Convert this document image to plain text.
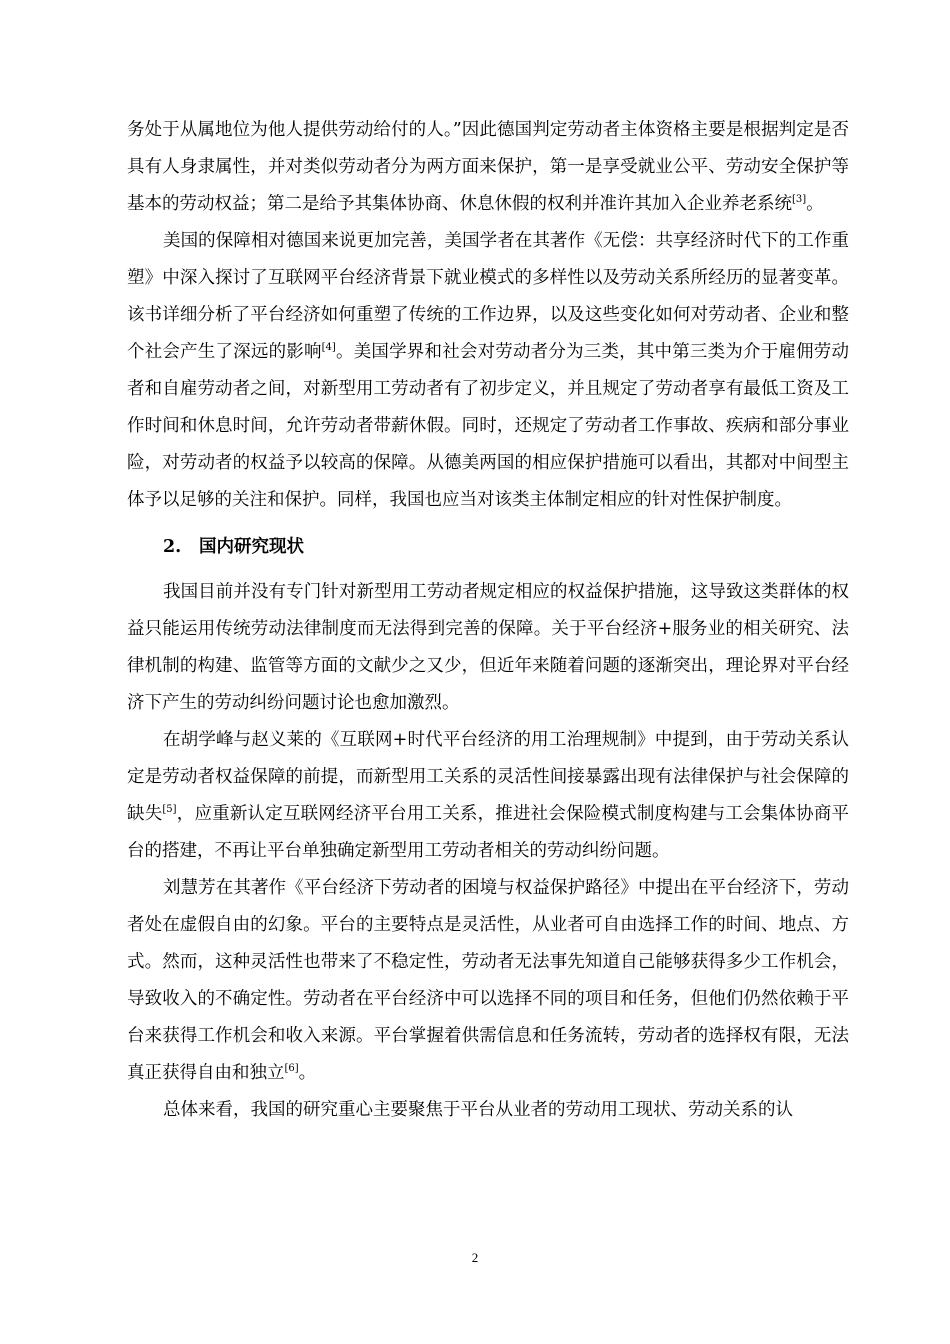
务处于从属地位为他人提供劳动给付的人。”因此德国判定劳动者主体资格主要是根据判定是否具有人身隶属性，并对类似劳动者分为两方面来保护，第一是享受就业公平、劳动安全保护等基本的劳动权益；第二是给予其集体协商、休息休假的权利并准许其加入企业养老系统[3]。

美国的保障相对德国来说更加完善，美国学者在其著作《无偿：共享经济时代下的工作重塑》中深入探讨了互联网平台经济背景下就业模式的多样性以及劳动关系所经历的显著变革。该书详细分析了平台经济如何重塑了传统的工作边界，以及这些变化如何对劳动者、企业和整个社会产生了深远的影响[4]。美国学界和社会对劳动者分为三类，其中第三类为介于雇佣劳动者和自雇劳动者之间，对新型用工劳动者有了初步定义，并且规定了劳动者享有最低工资及工作时间和休息时间，允许劳动者带薪休假。同时，还规定了劳动者工作事故、疾病和部分事业险，对劳动者的权益予以较高的保障。从德美两国的相应保护措施可以看出，其都对中间型主体予以足够的关注和保护。同样，我国也应当对该类主体制定相应的针对性保护制度。

2. 国内研究现状

我国目前并没有专门针对新型用工劳动者规定相应的权益保护措施，这导致这类群体的权益只能运用传统劳动法律制度而无法得到完善的保障。关于平台经济+服务业的相关研究、法律机制的构建、监管等方面的文献少之又少，但近年来随着问题的逐渐突出，理论界对平台经济下产生的劳动纠纷问题讨论也愈加激烈。

在胡学峰与赵义莱的《互联网+时代平台经济的用工治理规制》中提到，由于劳动关系认定是劳动者权益保障的前提，而新型用工关系的灵活性间接暴露出现有法律保护与社会保障的缺失[5]，应重新认定互联网经济平台用工关系，推进社会保险模式制度构建与工会集体协商平台的搭建，不再让平台单独确定新型用工劳动者相关的劳动纠纷问题。

刘慧芳在其著作《平台经济下劳动者的困境与权益保护路径》中提出在平台经济下，劳动者处在虚假自由的幻象。平台的主要特点是灵活性，从业者可自由选择工作的时间、地点、方式。然而，这种灵活性也带来了不稳定性，劳动者无法事先知道自己能够获得多少工作机会，导致收入的不确定性。劳动者在平台经济中可以选择不同的项目和任务，但他们仍然依赖于平台来获得工作机会和收入来源。平台掌握着供需信息和任务流转，劳动者的选择权有限，无法真正获得自由和独立[6]。

总体来看，我国的研究重心主要聚焦于平台从业者的劳动用工现状、劳动关系的认

2
